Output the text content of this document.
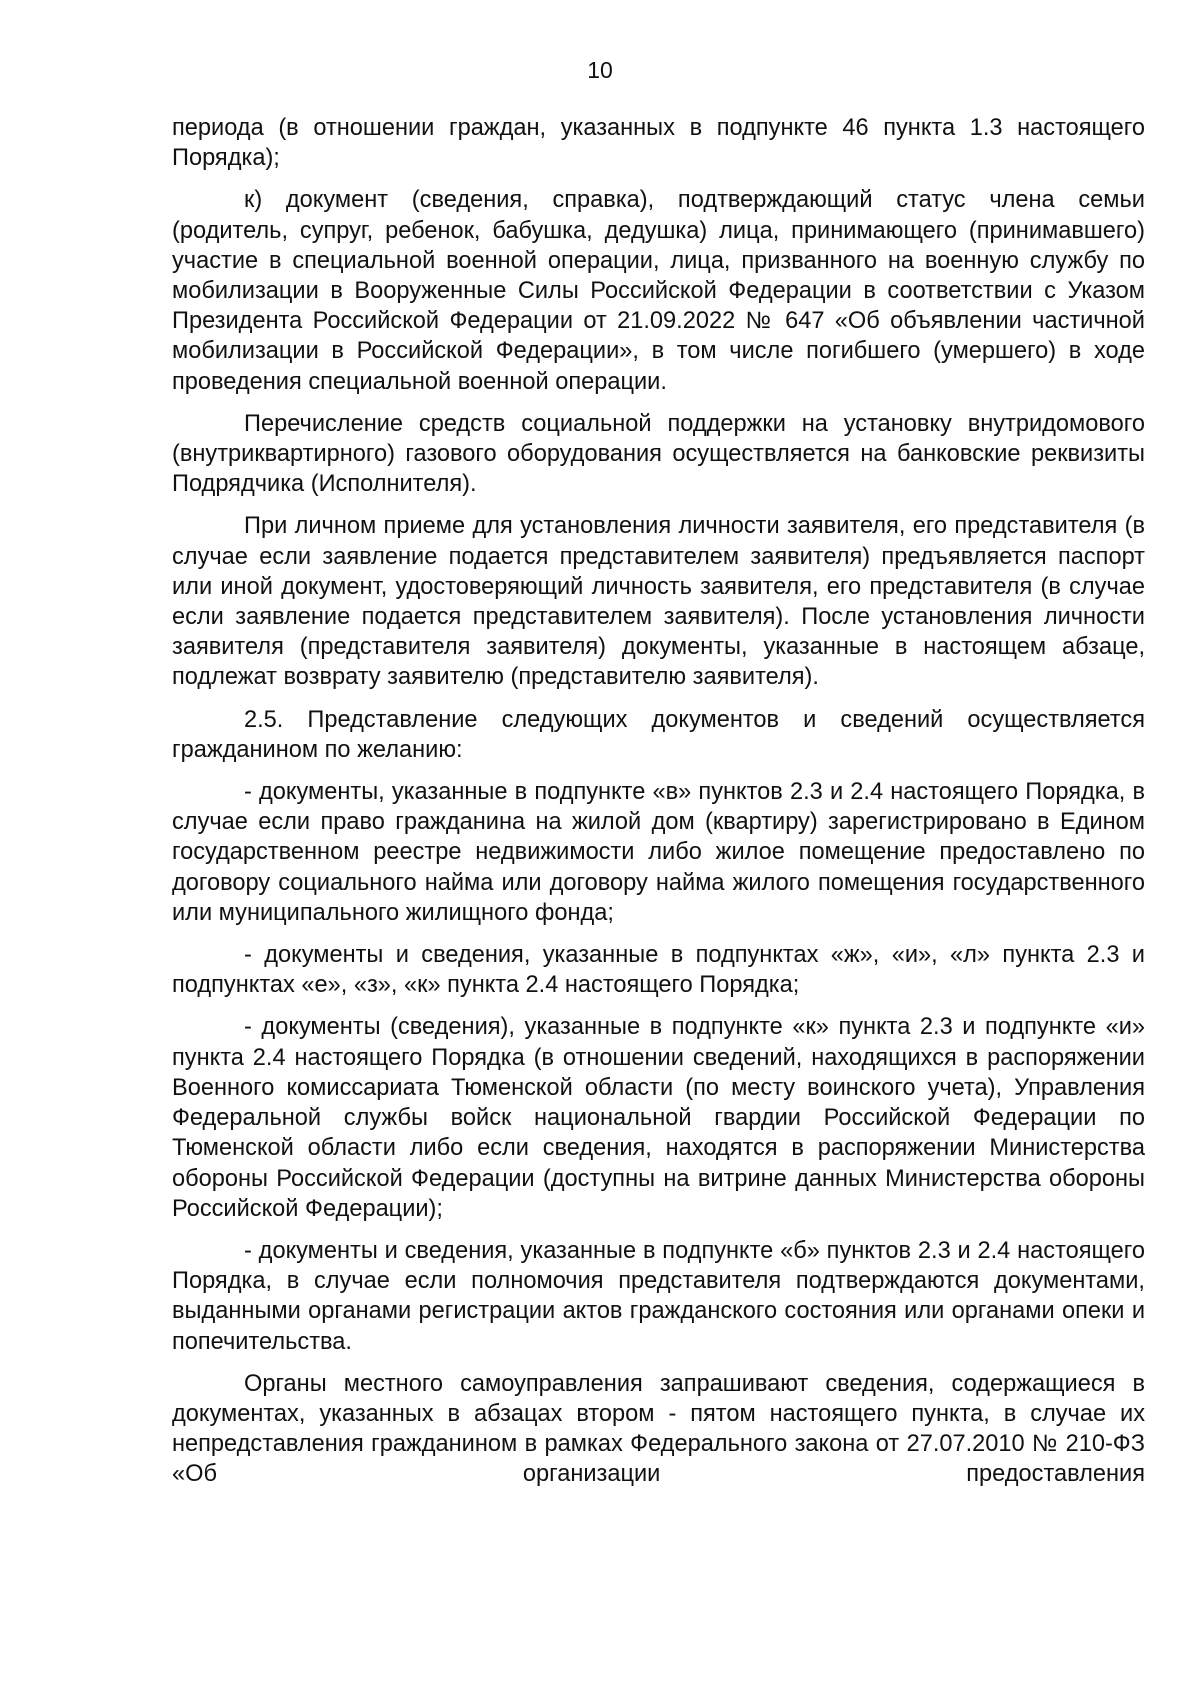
10

периода (в отношении граждан, указанных в подпункте 46 пункта 1.3 настоящего Порядка);

к) документ (сведения, справка), подтверждающий статус члена семьи (родитель, супруг, ребенок, бабушка, дедушка) лица, принимающего (принимавшего) участие в специальной военной операции, лица, призванного на военную службу по мобилизации в Вооруженные Силы Российской Федерации в соответствии с Указом Президента Российской Федерации от 21.09.2022 № 647 «Об объявлении частичной мобилизации в Российской Федерации», в том числе погибшего (умершего) в ходе проведения специальной военной операции.

Перечисление средств социальной поддержки на установку внутридомового (внутриквартирного) газового оборудования осуществляется на банковские реквизиты Подрядчика (Исполнителя).

При личном приеме для установления личности заявителя, его представителя (в случае если заявление подается представителем заявителя) предъявляется паспорт или иной документ, удостоверяющий личность заявителя, его представителя (в случае если заявление подается представителем заявителя). После установления личности заявителя (представителя заявителя) документы, указанные в настоящем абзаце, подлежат возврату заявителю (представителю заявителя).

2.5. Представление следующих документов и сведений осуществляется гражданином по желанию:

- документы, указанные в подпункте «в» пунктов 2.3 и 2.4 настоящего Порядка, в случае если право гражданина на жилой дом (квартиру) зарегистрировано в Едином государственном реестре недвижимости либо жилое помещение предоставлено по договору социального найма или договору найма жилого помещения государственного или муниципального жилищного фонда;

- документы и сведения, указанные в подпунктах «ж», «и», «л» пункта 2.3 и подпунктах «е», «з», «к» пункта 2.4 настоящего Порядка;

- документы (сведения), указанные в подпункте «к» пункта 2.3 и подпункте «и» пункта 2.4 настоящего Порядка (в отношении сведений, находящихся в распоряжении Военного комиссариата Тюменской области (по месту воинского учета), Управления Федеральной службы войск национальной гвардии Российской Федерации по Тюменской области либо если сведения, находятся в распоряжении Министерства обороны Российской Федерации (доступны на витрине данных Министерства обороны Российской Федерации);

- документы и сведения, указанные в подпункте «б» пунктов 2.3 и 2.4 настоящего Порядка, в случае если полномочия представителя подтверждаются документами, выданными органами регистрации актов гражданского состояния или органами опеки и попечительства.

Органы местного самоуправления запрашивают сведения, содержащиеся в документах, указанных в абзацах втором - пятом настоящего пункта, в случае их непредставления гражданином в рамках Федерального закона от 27.07.2010 № 210-ФЗ «Об организации предоставления
